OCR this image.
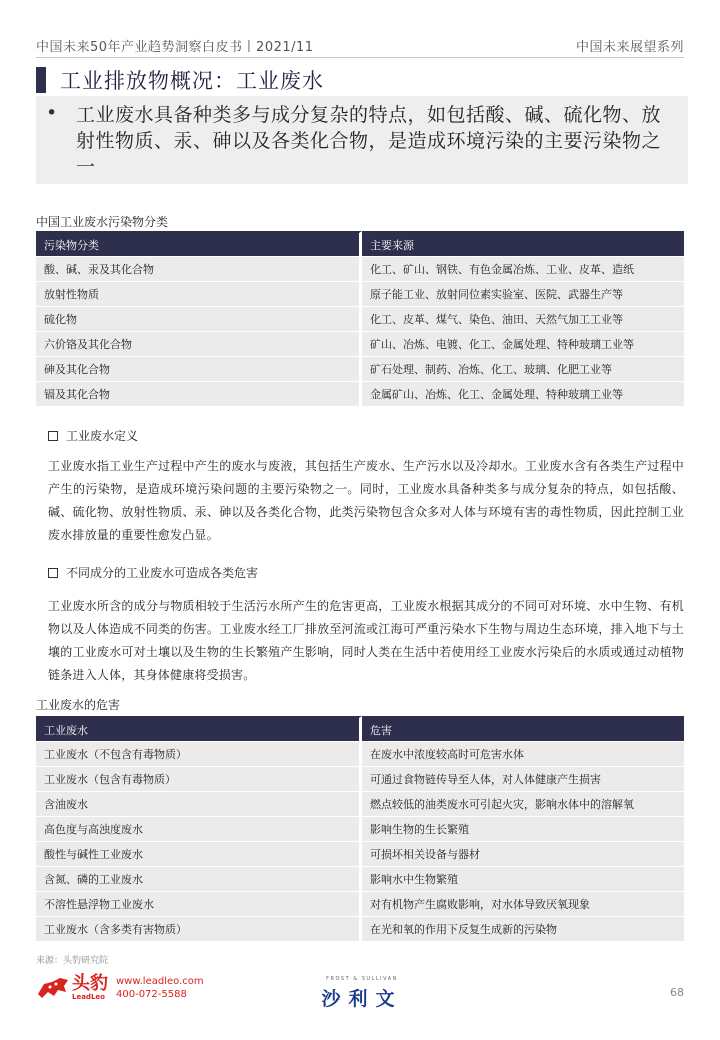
中国未来50年产业趋势洞察白皮书丨2021/11	中国未来展望系列
工业排放物概况：工业废水
• 工业废水具备种类多与成分复杂的特点，如包括酸、碱、硫化物、放射性物质、汞、砷以及各类化合物，是造成环境污染的主要污染物之一
中国工业废水污染物分类
污染物分类	主要来源
酸、碱、汞及其化合物	化工、矿山、钢铁、有色金属冶炼、工业、皮革、造纸
放射性物质	原子能工业、放射同位素实验室、医院、武器生产等
硫化物	化工、皮革、煤气、染色、油田、天然气加工工业等
六价铬及其化合物	矿山、冶炼、电镀、化工、金属处理、特种玻璃工业等
砷及其化合物	矿石处理、制药、冶炼、化工、玻璃、化肥工业等
镉及其化合物	金属矿山、冶炼、化工、金属处理、特种玻璃工业等
工业废水定义
工业废水指工业生产过程中产生的废水与废液，其包括生产废水、生产污水以及冷却水。工业废水含有各类生产过程中产生的污染物，是造成环境污染问题的主要污染物之一。同时，工业废水具备种类多与成分复杂的特点，如包括酸、碱、硫化物、放射性物质、汞、砷以及各类化合物，此类污染物包含众多对人体与环境有害的毒性物质，因此控制工业废水排放量的重要性愈发凸显。
不同成分的工业废水可造成各类危害
工业废水所含的成分与物质相较于生活污水所产生的危害更高，工业废水根据其成分的不同可对环境、水中生物、有机物以及人体造成不同类的伤害。工业废水经工厂排放至河流或江海可严重污染水下生物与周边生态环境，排入地下与土壤的工业废水可对土壤以及生物的生长繁殖产生影响，同时人类在生活中若使用经工业废水污染后的水质或通过动植物链条进入人体，其身体健康将受损害。
工业废水的危害
工业废水	危害
工业废水（不包含有毒物质）	在废水中浓度较高时可危害水体
工业废水（包含有毒物质）	可通过食物链传导至人体，对人体健康产生损害
含油废水	燃点较低的油类废水可引起火灾，影响水体中的溶解氧
高色度与高浊度废水	影响生物的生长繁殖
酸性与碱性工业废水	可损坏相关设备与器材
含氮、磷的工业废水	影响水中生物繁殖
不溶性悬浮物工业废水	对有机物产生腐败影响，对水体导致厌氧现象
工业废水（含多类有害物质）	在光和氧的作用下反复生成新的污染物
来源：头豹研究院
头豹
LeadLeo
www.leadleo.com
400-072-5588
FROST & SULLIVAN
沙利文	68
